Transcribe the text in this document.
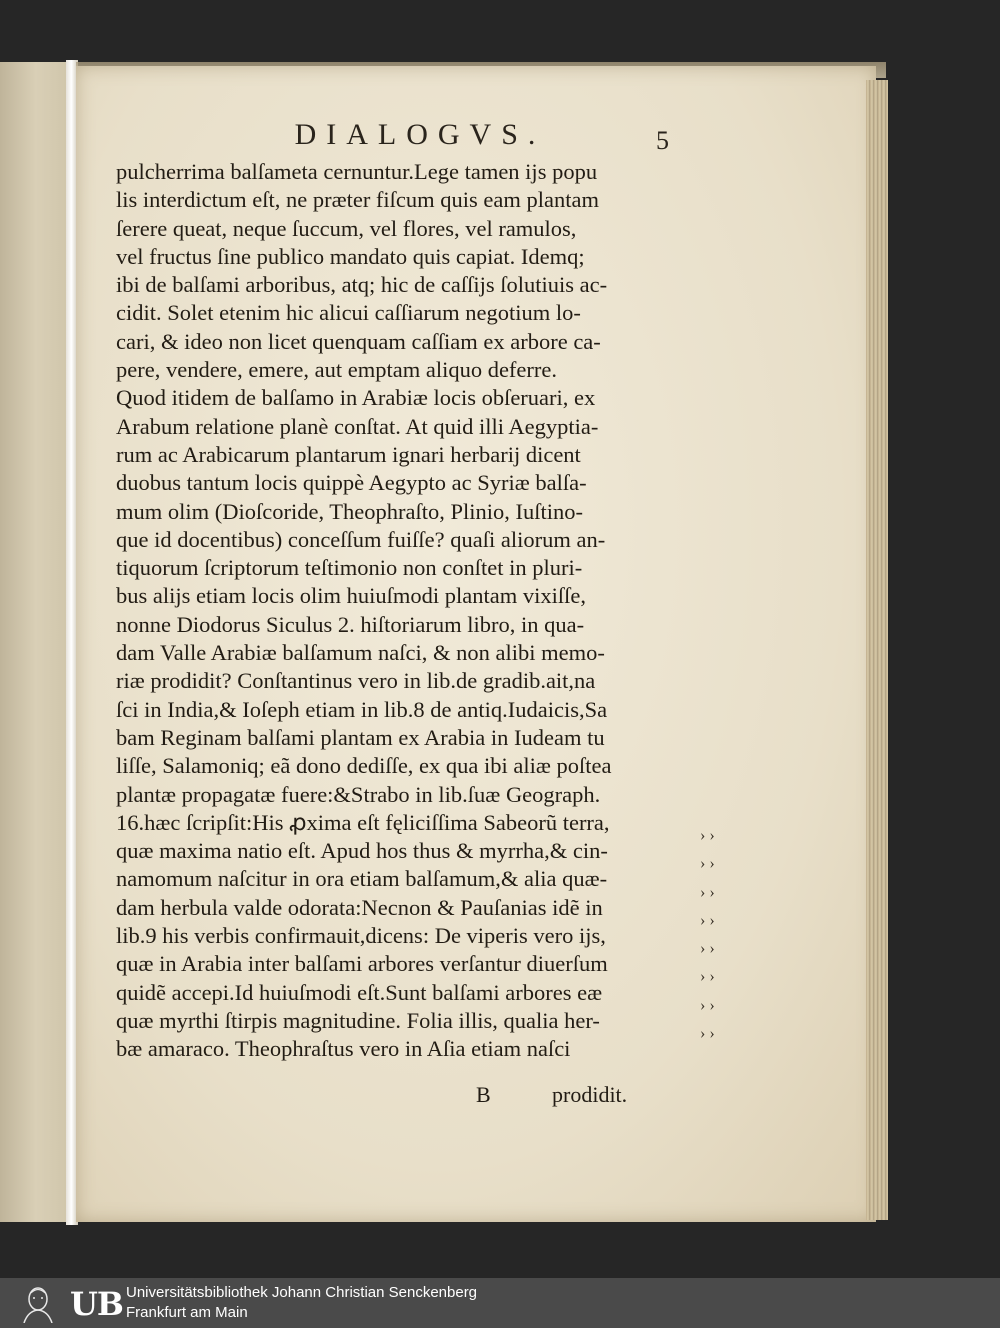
DIALOGVS.	5
pulcherrima balſameta cernuntur.Lege tamen ijs popu
lis interdictum eſt, ne præter fiſcum quis eam plantam
ſerere queat, neque ſuccum, vel flores, vel ramulos,
vel fructus ſine publico mandato quis capiat. Idemq;
ibi de balſami arboribus, atq; hic de caſſijs ſolutiuis ac-
cidit. Solet etenim hic alicui caſſiarum negotium lo-
cari, & ideo non licet quenquam caſſiam ex arbore ca-
pere, vendere, emere, aut emptam aliquo deferre.
Quod itidem de balſamo in Arabiæ locis obſeruari, ex
Arabum relatione planè conſtat. At quid illi Aegyptia-
rum ac Arabicarum plantarum ignari herbarij dicent
duobus tantum locis quippè Aegypto ac Syriæ balſa-
mum olim (Dioſcoride, Theophraſto, Plinio, Iuſtino-
que id docentibus) conceſſum fuiſſe? quaſi aliorum an-
tiquorum ſcriptorum teſtimonio non conſtet in pluri-
bus alijs etiam locis olim huiuſmodi plantam vixiſſe,
nonne Diodorus Siculus 2. hiſtoriarum libro, in qua-
dam Valle Arabiæ balſamum naſci, & non alibi memo-
riæ prodidit? Conſtantinus vero in lib.de gradib.ait,na
ſci in India,& Ioſeph etiam in lib.8 de antiq.Iudaicis,Sa
bam Reginam balſami plantam ex Arabia in Iudeam tu
liſſe, Salamoniq; eã dono dediſſe, ex qua ibi aliæ poſtea
plantæ propagatæ fuere:&Strabo in lib.ſuæ Geograph.
16.hæc ſcripſit:His ꝓxima eſt fęliciſſima Sabeorũ terra,
quæ maxima natio eſt. Apud hos thus & myrrha,& cin-
namomum naſcitur in ora etiam balſamum,& alia quæ-
dam herbula valde odorata:Necnon & Pauſanias idẽ in
lib.9 his verbis confirmauit,dicens: De viperis vero ijs,
quæ in Arabia inter balſami arbores verſantur diuerſum
quidẽ accepi.Id huiuſmodi eſt.Sunt balſami arbores eæ
quæ myrthi ſtirpis magnitudine. Folia illis, qualia her-
bæ amaraco. Theophraſtus vero in Aſia etiam naſci
› ›
› ›
› ›
› ›
› ›
› ›
› ›
› ›
B	prodidit.
UB Universitätsbibliothek Johann Christian Senckenberg
Frankfurt am Main
